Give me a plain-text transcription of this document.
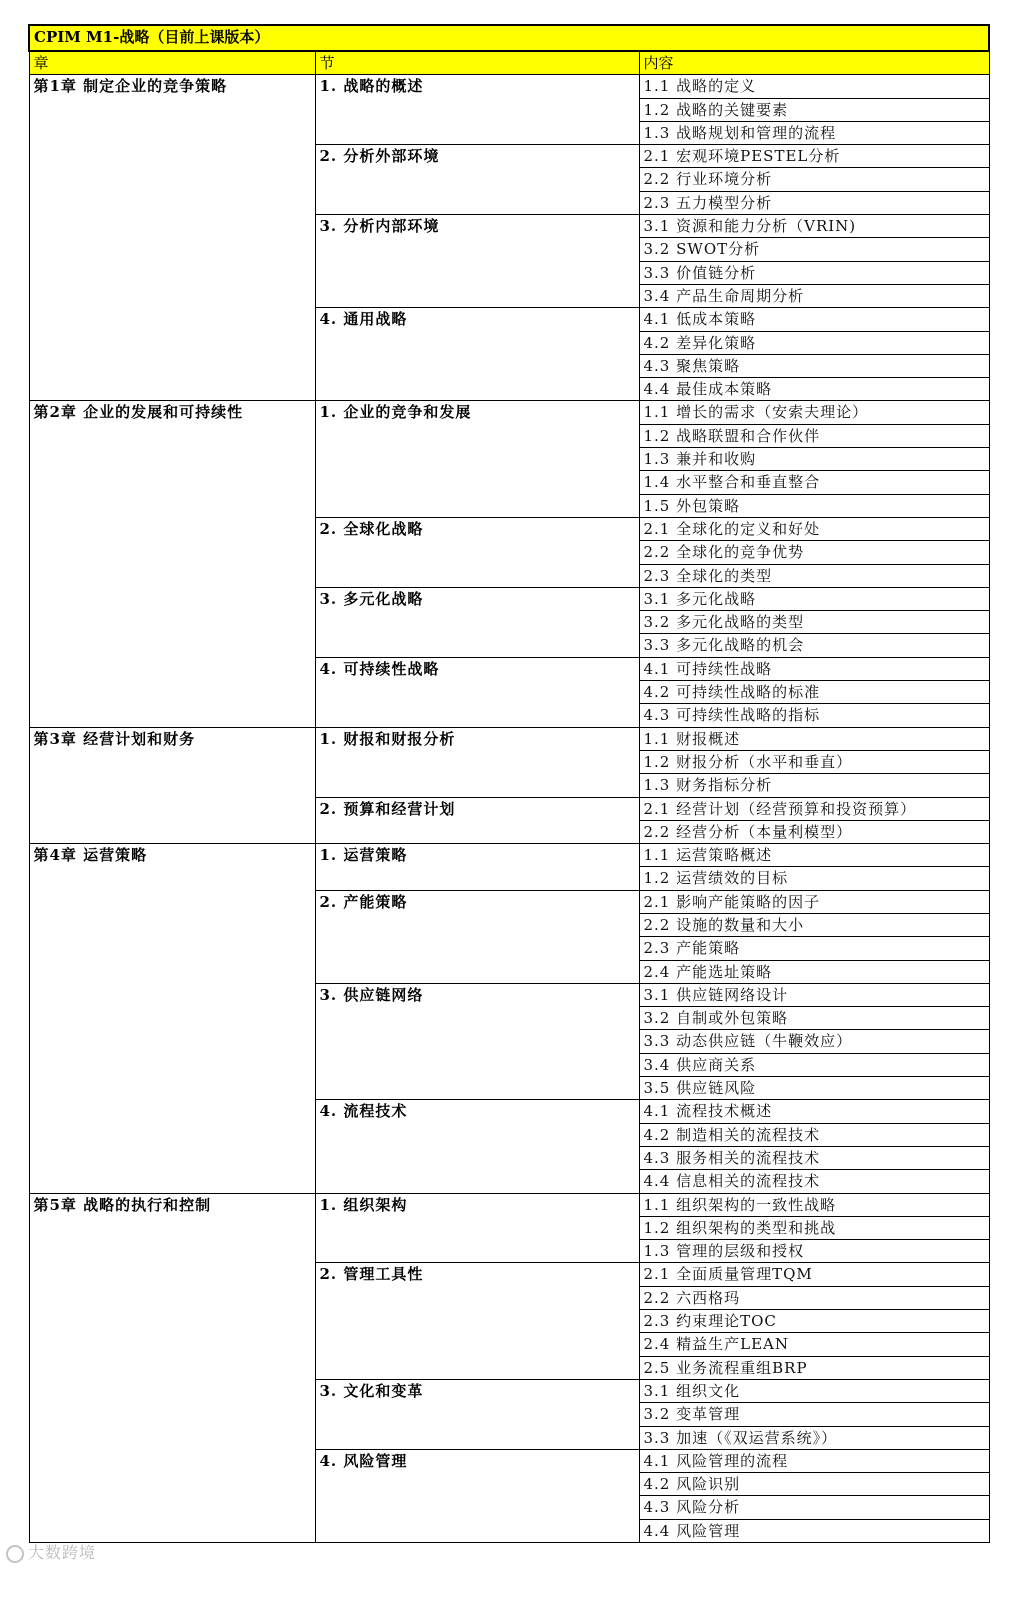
CPIM M1-战略（目前上课版本）		
章	节	内容
第1章 制定企业的竞争策略	1. 战略的概述	1.1 战略的定义
		1.2 战略的关键要素
		1.3 战略规划和管理的流程
	2. 分析外部环境	2.1 宏观环境PESTEL分析
		2.2 行业环境分析
		2.3 五力模型分析
	3. 分析内部环境	3.1 资源和能力分析（VRIN)
		3.2 SWOT分析
		3.3 价值链分析
		3.4 产品生命周期分析
	4. 通用战略	4.1 低成本策略
		4.2 差异化策略
		4.3 聚焦策略
		4.4 最佳成本策略
第2章 企业的发展和可持续性	1. 企业的竞争和发展	1.1 增长的需求（安索夫理论）
		1.2 战略联盟和合作伙伴
		1.3 兼并和收购
		1.4 水平整合和垂直整合
		1.5 外包策略
	2. 全球化战略	2.1 全球化的定义和好处
		2.2 全球化的竞争优势
		2.3 全球化的类型
	3. 多元化战略	3.1 多元化战略
		3.2 多元化战略的类型
		3.3 多元化战略的机会
	4. 可持续性战略	4.1 可持续性战略
		4.2 可持续性战略的标准
		4.3 可持续性战略的指标
第3章 经营计划和财务	1. 财报和财报分析	1.1 财报概述
		1.2 财报分析（水平和垂直）
		1.3 财务指标分析
	2. 预算和经营计划	2.1 经营计划（经营预算和投资预算）
		2.2 经营分析（本量利模型）
第4章 运营策略	1. 运营策略	1.1 运营策略概述
		1.2 运营绩效的目标
	2. 产能策略	2.1 影响产能策略的因子
		2.2 设施的数量和大小
		2.3 产能策略
		2.4 产能选址策略
	3. 供应链网络	3.1 供应链网络设计
		3.2 自制或外包策略
		3.3 动态供应链（牛鞭效应）
		3.4 供应商关系
		3.5 供应链风险
	4. 流程技术	4.1 流程技术概述
		4.2 制造相关的流程技术
		4.3 服务相关的流程技术
		4.4 信息相关的流程技术
第5章 战略的执行和控制	1. 组织架构	1.1 组织架构的一致性战略
		1.2 组织架构的类型和挑战
		1.3 管理的层级和授权
	2. 管理工具性	2.1 全面质量管理TQM
		2.2 六西格玛
		2.3 约束理论TOC
		2.4 精益生产LEAN
		2.5 业务流程重组BRP
	3. 文化和变革	3.1 组织文化
		3.2 变革管理
		3.3 加速（《双运营系统》）
	4. 风险管理	4.1 风险管理的流程
		4.2 风险识别
		4.3 风险分析
		4.4 风险管理
大数跨境
